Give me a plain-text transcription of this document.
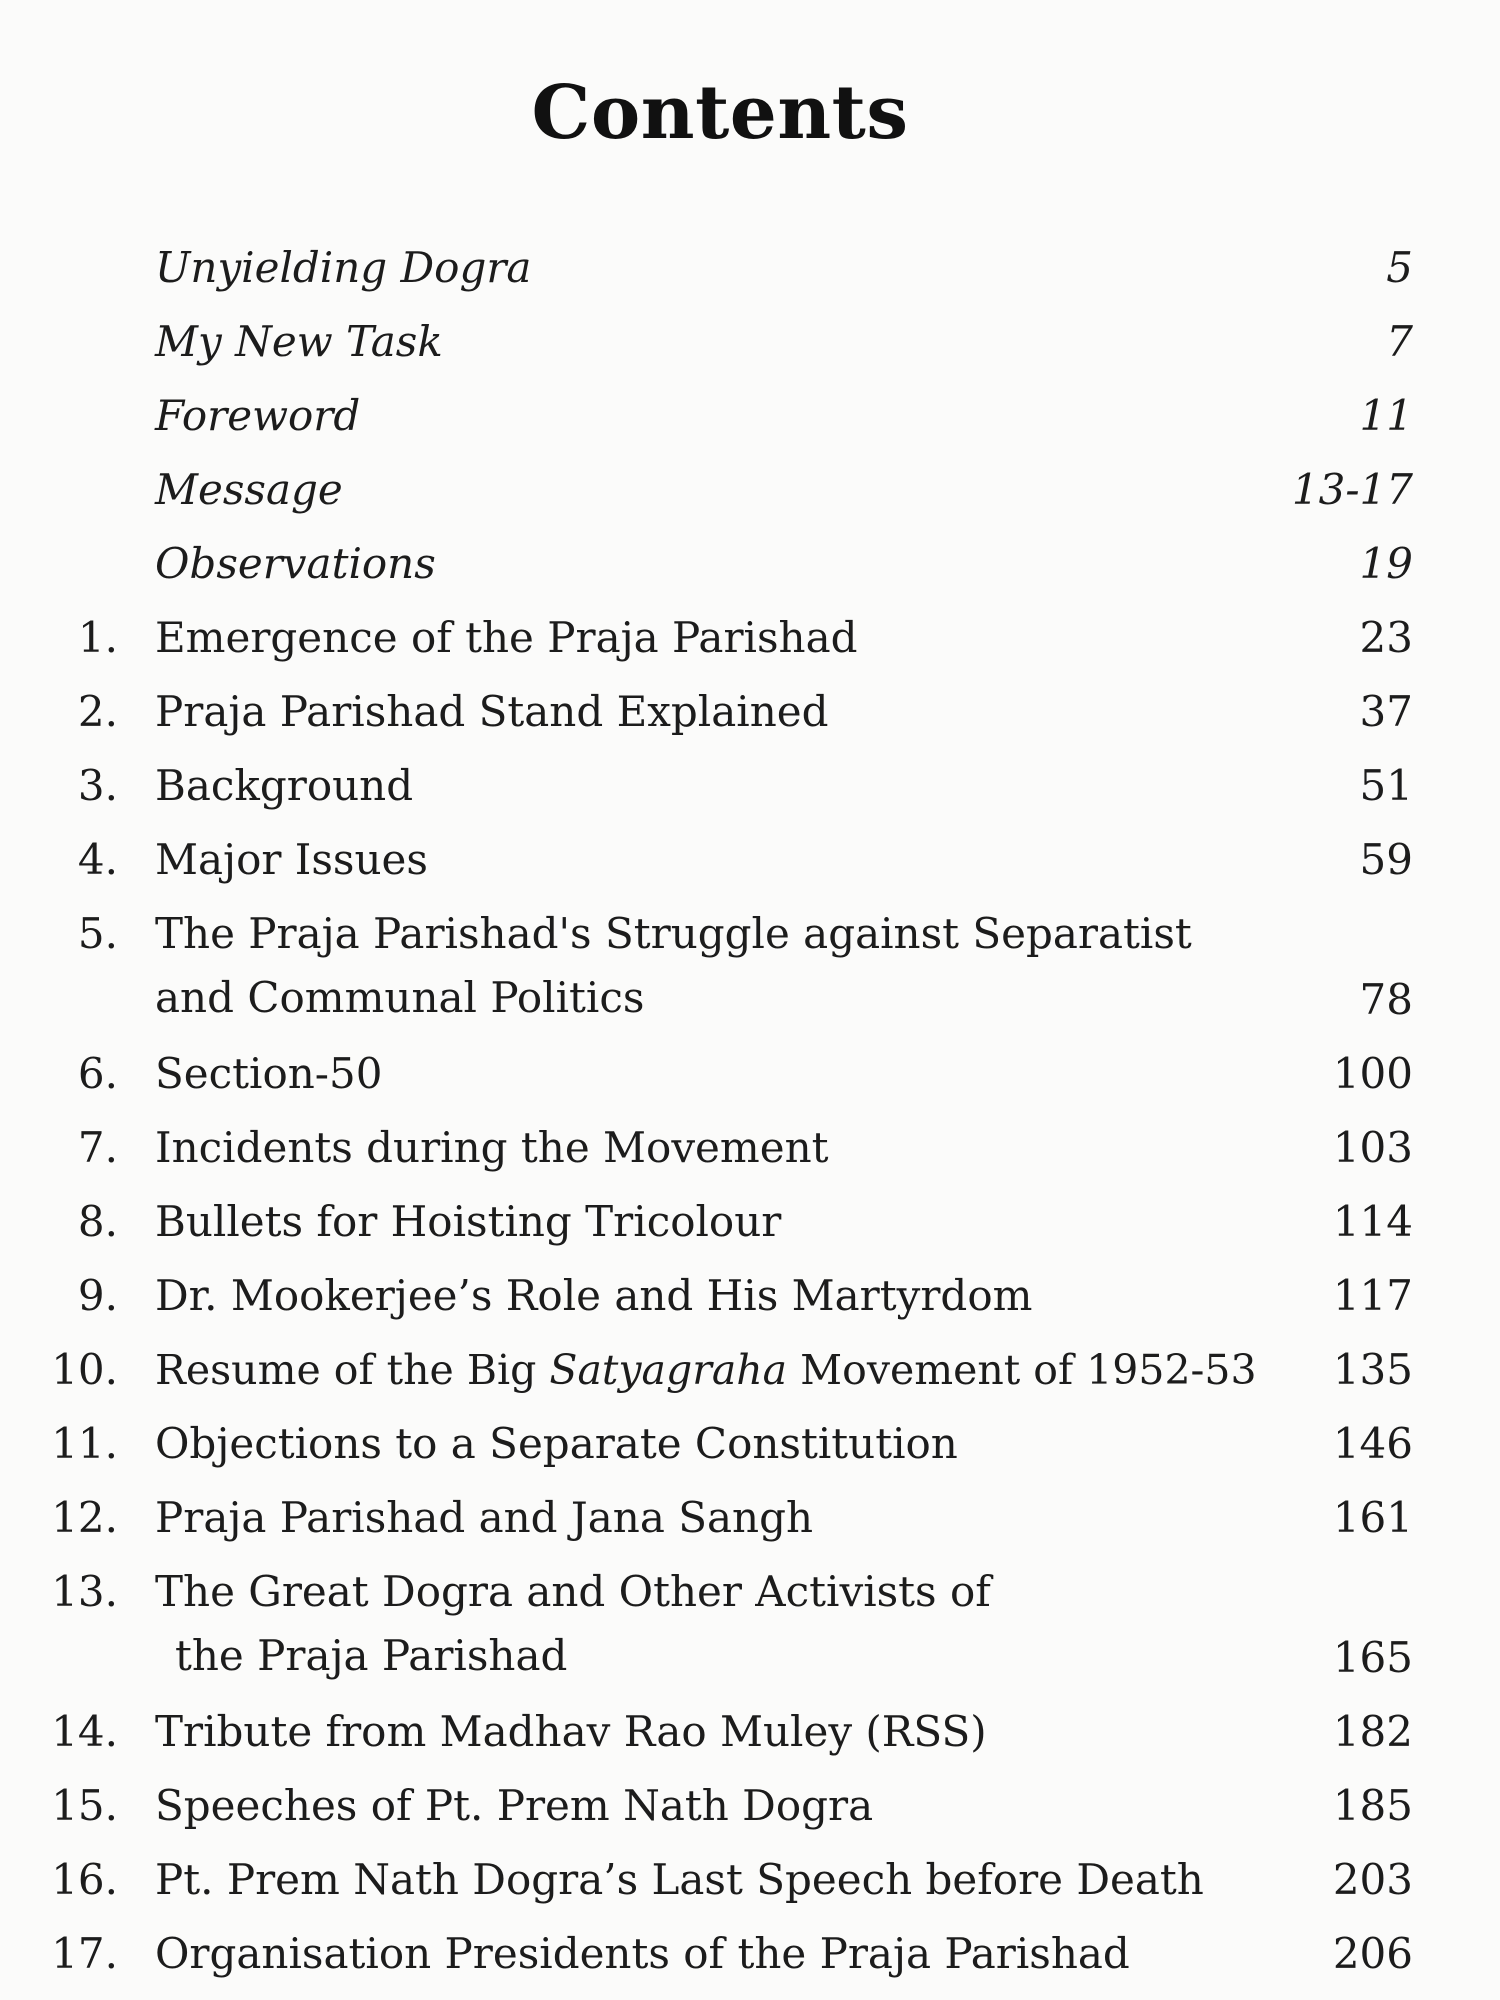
Contents
Unyielding Dogra	5
My New Task	7
Foreword	11
Message	13-17
Observations	19
1. Emergence of the Praja Parishad	23
2. Praja Parishad Stand Explained	37
3. Background	51
4. Major Issues	59
5. The Praja Parishad's Struggle against Separatist
and Communal Politics	78
6. Section-50	100
7. Incidents during the Movement	103
8. Bullets for Hoisting Tricolour	114
9. Dr. Mookerjee’s Role and His Martyrdom	117
10. Resume of the Big Satyagraha Movement of 1952-53 135
11. Objections to a Separate Constitution	146
12. Praja Parishad and Jana Sangh	161
13. The Great Dogra and Other Activists of
the Praja Parishad	165
14. Tribute from Madhav Rao Muley (RSS)	182
15. Speeches of Pt. Prem Nath Dogra	185
16. Pt. Prem Nath Dogra’s Last Speech before Death	203
17. Organisation Presidents of the Praja Parishad	206
